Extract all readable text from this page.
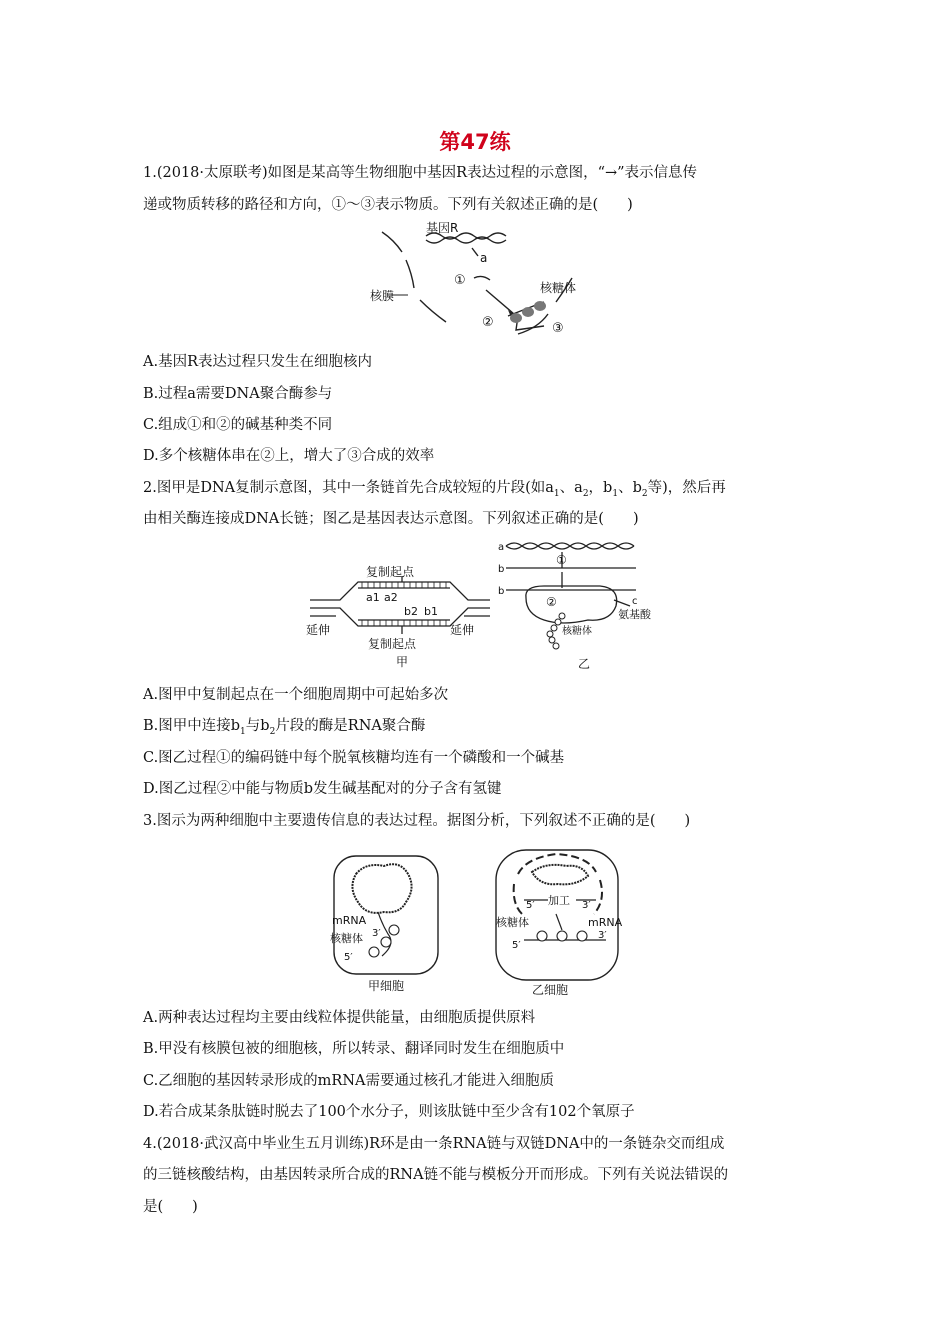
第47练
1.(2018·太原联考)如图是某高等生物细胞中基因R表达过程的示意图，“→”表示信息传
递或物质转移的路径和方向，①～③表示物质。下列有关叙述正确的是(　　)
基因R
a
①
核膜
核糖体
②	③
A.基因R表达过程只发生在细胞核内
B.过程a需要DNA聚合酶参与
C.组成①和②的碱基种类不同
D.多个核糖体串在②上，增大了③合成的效率
2.图甲是DNA复制示意图，其中一条链首先合成较短的片段(如$a_1$、$a_2$，$b_1$、$b_2$等)，然后再
由相关酶连接成DNA长链；图乙是基因表达示意图。下列叙述正确的是(　　)
复制起点
a1 a2
b2 b1
延伸	延伸
复制起点
甲
a
b
b
①
②	c
氨基酸
核糖体
乙
A.图甲中复制起点在一个细胞周期中可起始多次
B.图甲中连接$b_1$与$b_2$片段的酶是RNA聚合酶
C.图乙过程①的编码链中每个脱氧核糖均连有一个磷酸和一个碱基
D.图乙过程②中能与物质b发生碱基配对的分子含有氢键
3.图示为两种细胞中主要遗传信息的表达过程。据图分析，下列叙述不正确的是(　　)
3′
mRNA
核糖体
5′
甲细胞
5′ 加工 3′
核糖体	mRNA
5′
3′
乙细胞
A.两种表达过程均主要由线粒体提供能量，由细胞质提供原料
B.甲没有核膜包被的细胞核，所以转录、翻译同时发生在细胞质中
C.乙细胞的基因转录形成的mRNA需要通过核孔才能进入细胞质
D.若合成某条肽链时脱去了100个水分子，则该肽链中至少含有102个氧原子
4.(2018·武汉高中毕业生五月训练)R环是由一条RNA链与双链DNA中的一条链杂交而组成
的三链核酸结构，由基因转录所合成的RNA链不能与模板分开而形成。下列有关说法错误的
是(　　)
